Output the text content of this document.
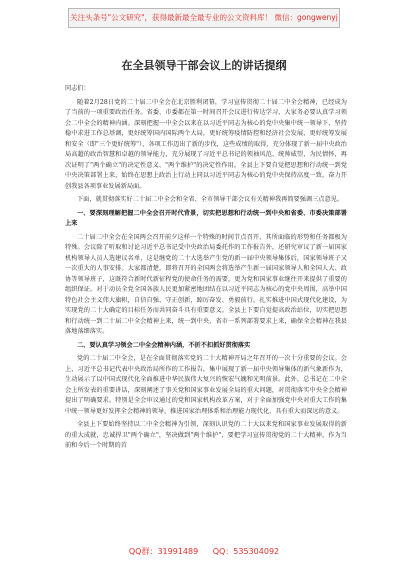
关注头条号"公文研究"，获得最新最全最专业的公文资料库！ 微信：gongwenyj
在全县领导干部会议上的讲话提纲

同志们：

随着2月28日党的二十届二中全会在北京胜利闭幕，学习宣传贯彻二十届二中全会精神，已经成为了当前的一项重要政治任务。省委、市委都在第一时间召开会议进行传达学习，大家务必要认真学习领会二中全会的精神内涵。深刻把握一中全会以来在以习近平同志为核心的党中央集中统一领导下，坚持稳中求进工作总基调，更好统筹国内国际两个大局，更好统筹疫情防控和经济社会发展，更好统筹发展和安全（即"三个更好统筹"），各项工作迈出了新的步伐，这些成绩的取得，充分体现了新一届中央政治局高超的政治智慧和卓越的领导能力，充分展现了习近平总书记的领袖风范、统帅威望，为民情怀，再次证明了"两个确立"的决定性意义、"两个维护"的决定性作用。全县上下要自觉把思想和行动统一到党中央决策部署上来，始终在思想上政治上行动上同以习近平同志为核心的党中央保持高度一致，奋力开创我县各项事业发展新局面。

下面，就贯彻落实好二十届二中全会和全省、全市领导干部会议有关精神我再简要强调三点意见。

一、要深刻理解把握二中全会召开时代背景，切实把思想和行动统一到中央和省委、市委决策部署上来

二十届二中全会在全国两会召开前夕这样一个特殊的时间节点召开，其所面临的形势和任务都极为特殊。会议除了听取和讨论习近平总书记受中央政治局委托作的工作报告外，还研究审议了新一届国家机构领导人员人选建议名单，这是继党的二十大选举产生党的新一届中央领导集体后，国家领导班子又一次重大的人事安排。大家都清楚，即将召开的全国两会将选举产生新一届国家领导人和全国人大、政协等领导班子，这既符合新时代新征程党的使命任务的需要，更为党和国家事业继往开来提供了重要的组织保证。对于动员全党全国各族人民更加紧密地团结在以习近平同志为核心的党中央周围，高举中国特色社会主义伟大旗帜，自信自强、守正创新，踔厉奋发、勇毅前行，扎实推进中国式现代化建设，为实现党的二十大确定的目标任务而共同奋斗具有重要意义。全县上下要自觉提高政治站位，切实把思想和行动统一到二十届二中全会精神上来，统一到中央、省市一系列部署要求上来，确保全会精神在我县落地落细落实。

二、要认真学习领会二中全会精神内涵，不折不扣抓好贯彻落实

党的二十届二中全会，是在全面贯彻落实党的二十大精神开局之年召开的一次十分重要的会议。会上，习近平总书记代表中央政治局所作的工作报告，集中展现了新一届中央领导集体的新气象新作为，生动展示了以中国式现代化全面推进中华民族伟大复兴的恢宏气魄和光明前景。此外，总书记在二中全会上所发表的重要讲话，深刻阐述了事关党和国家事业发展全局的重大问题，对贯彻落实中央全会精神提出了明确要求。特别是全会审议通过的党和国家机构改革方案，对于全面加强党中央对重大工作的集中统一领导更好发挥全会精神的领导，推进国家治理体系和治理能力现代化，具有重大而深远的意义。

全县上下要始终坚持以二中全会精神为引领，深刻认识党的二十大以来党和国家事业发展取得的新的重大成就，忠诚捍卫"两个确立"，坚决做到"两个维护"，要把学习宣传贯彻党的二十大精神，作为当前和今后一个时期的首

QQ群：31991489 QQ：535304092
